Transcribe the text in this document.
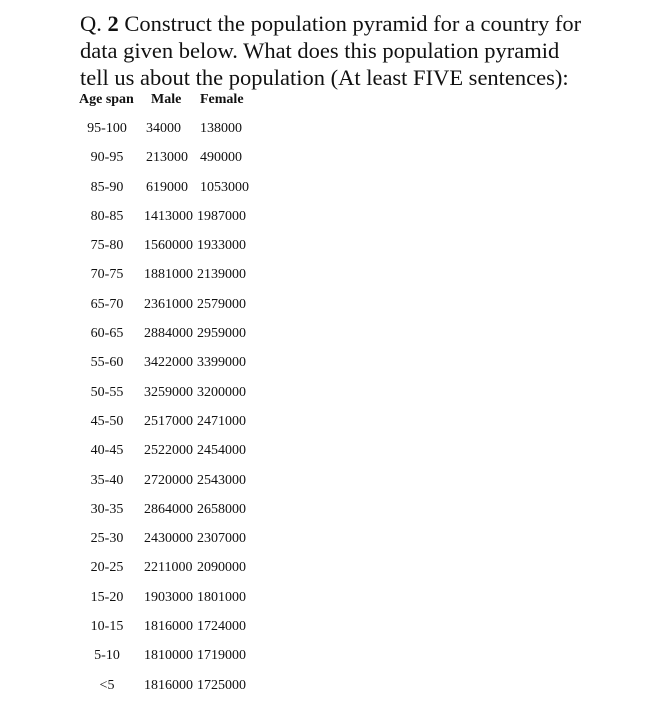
Q. 2 Construct the population pyramid for a country for
data given below. What does this population pyramid
tell us about the population (At least FIVE sentences):
Age span Male Female
95-100	34000 138000
90-95	213000 490000
85-90	619000 1053000
80-85	1413000 1987000
75-80	1560000 1933000
70-75	1881000 2139000
65-70	2361000 2579000
60-65	2884000 2959000
55-60	3422000 3399000
50-55	3259000 3200000
45-50	2517000 2471000
40-45	2522000 2454000
35-40	2720000 2543000
30-35	2864000 2658000
25-30	2430000 2307000
20-25	2211000 2090000
15-20	1903000 1801000
10-15	1816000 1724000
5-10	1810000 1719000
<5	1816000 1725000
